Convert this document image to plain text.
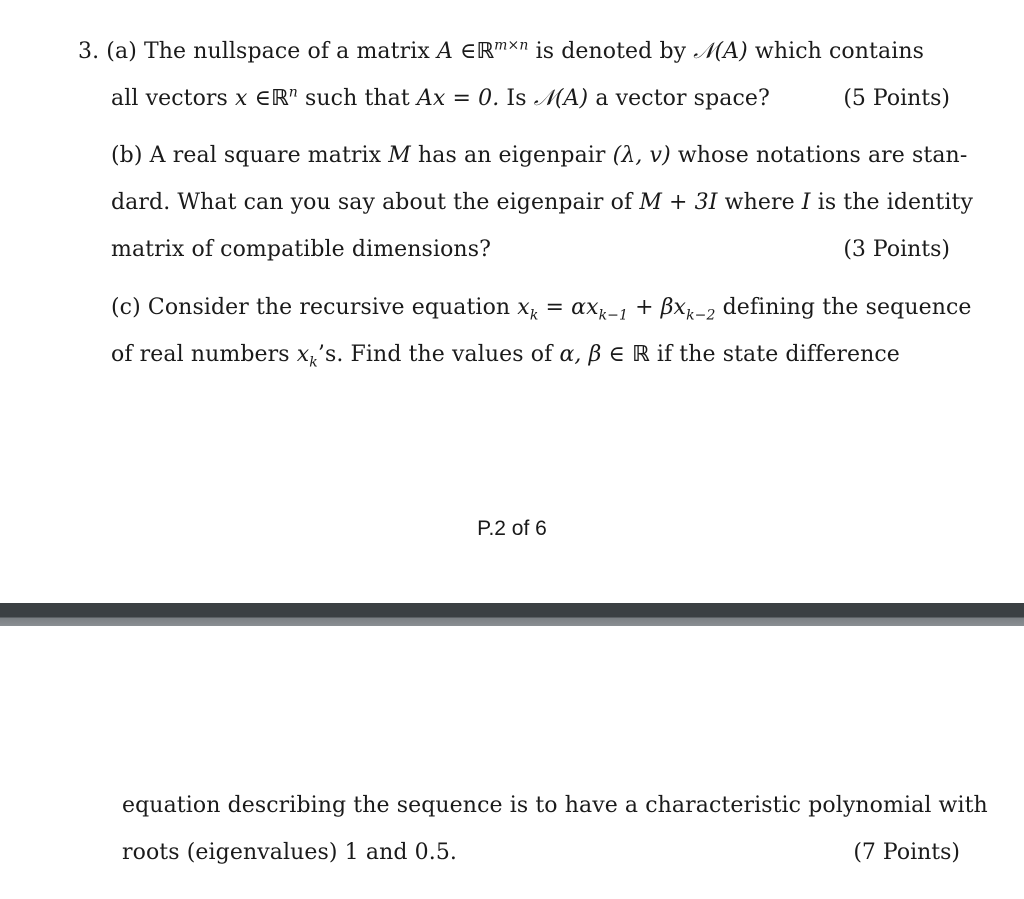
3. (a) The nullspace of a matrix A ∈ℝ$^{m\times n}$ is denoted by 𝒩(A) which contains
all vectors x ∈ℝ$^n$ such that Ax = 0. Is 𝒩(A) a vector space?	(5 Points)
(b) A real square matrix M has an eigenpair (λ, v) whose notations are stan-
dard. What can you say about the eigenpair of M + 3I where I is the identity
matrix of compatible dimensions?	(3 Points)
(c) Consider the recursive equation $x_k = \alpha x_{k-1} + \beta x_{k-2}$ defining the sequence
of real numbers $x_k’s$. Find the values of α, β ∈ ℝ if the state difference
P.2 of 6
equation describing the sequence is to have a characteristic polynomial with
roots (eigenvalues) 1 and 0.5.	(7 Points)
